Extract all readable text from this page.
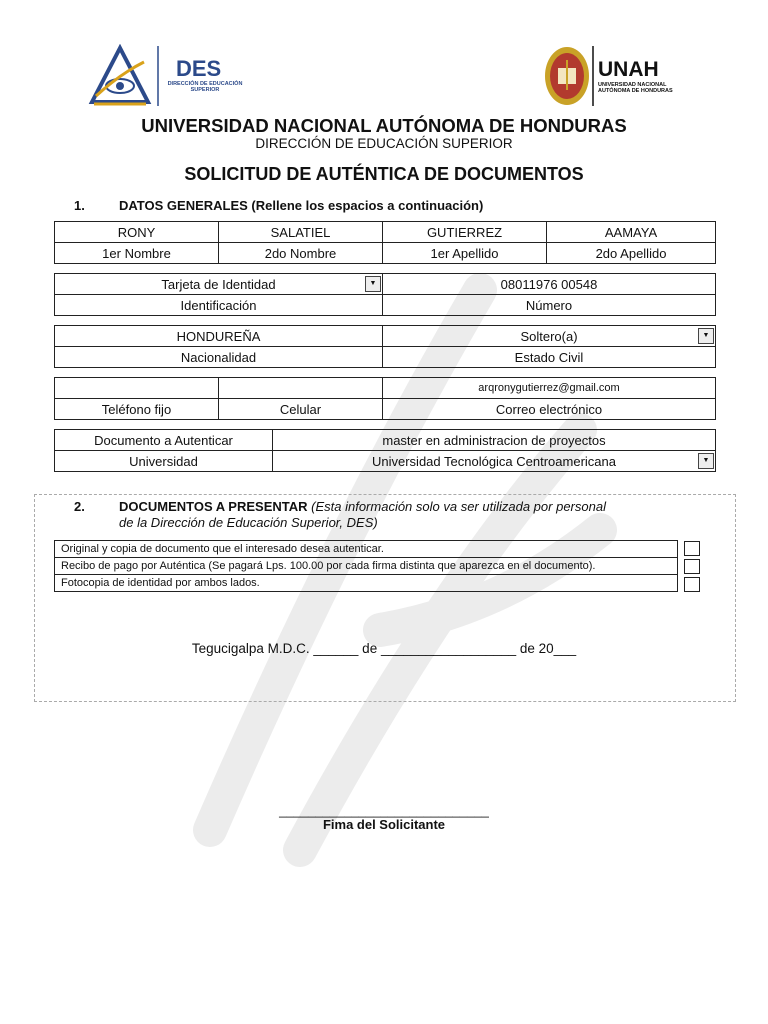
DES
DIRECCIÓN DE EDUCACIÓN SUPERIOR
UNAH
UNIVERSIDAD NACIONAL
AUTÓNOMA DE HONDURAS
UNIVERSIDAD NACIONAL AUTÓNOMA DE HONDURAS
DIRECCIÓN DE EDUCACIÓN SUPERIOR
SOLICITUD DE AUTÉNTICA DE DOCUMENTOS
1.	DATOS GENERALES (Rellene los espacios a continuación)
RONY	SALATIEL	GUTIERREZ	AAMAYA
1er Nombre	2do Nombre	1er Apellido	2do Apellido
Tarjeta de Identidad ▼	08011976 00548
Identificación	Número
HONDUREÑA	Soltero(a) ▼

Nacionalidad	Estado Civil
		arqronygutierrez@gmail.com
Teléfono fijo	Celular	Correo electrónico
Documento a Autenticar	master en administracion de proyectos
Universidad	Universidad Tecnológica Centroamericana ▼
2.	DOCUMENTOS A PRESENTAR (Esta información solo va ser utilizada por personal
de la Dirección de Educación Superior, DES)
Original y copia de documento que el interesado desea autenticar.
Recibo de pago por Auténtica (Se pagará Lps. 100.00 por cada firma distinta que aparezca en el documento).
Fotocopia de identidad por ambos lados.
Tegucigalpa M.D.C. ______ de __________________ de 20___
_____________________________
Fima del Solicitante
